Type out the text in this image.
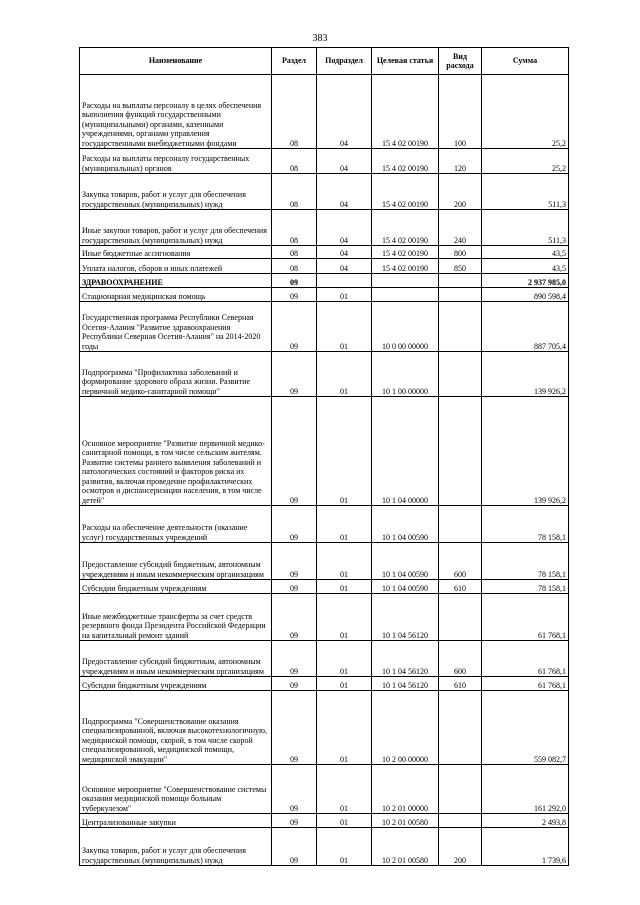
383
Наименование	Раздел	Подраздел	Целевая статья	Вид расхода	Сумма
Расходы на выплаты персоналу в целях обеспечения выполнения функций государственными (муниципальными) органами, казенными учреждениями, органами управления государственными внебюджетными фондами	08	04	15 4 02 00190	100	25,2
Расходы на выплаты персоналу государственных (муниципальных) органов	08	04	15 4 02 00190	120	25,2
Закупка товаров, работ и услуг для обеспечения государственных (муниципальных) нужд	08	04	15 4 02 00190	200	511,3
Иные закупки товаров, работ и услуг для обеспечения государственных (муниципальных) нужд	08	04	15 4 02 00190	240	511,3
Иные бюджетные ассигнования	08	04	15 4 02 00190	800	43,5
Уплата налогов, сборов и иных платежей	08	04	15 4 02 00190	850	43,5
ЗДРАВООХРАНЕНИЕ	09				2 937 985,0
Стационарная медицинская помощь	09	01			890 598,4
Государственная программа Республики Северная Осетия-Алания "Развитие здравоохранения Республики Северная Осетия-Алания" на 2014-2020 годы	09	01	10 0 00 00000		887 705,4
Подпрограмма "Профилактика заболеваний и формирование здорового образа жизни. Развитие первичной медико-санитарной помощи"	09	01	10 1 00 00000		139 926,2
Основное мероприятие "Развитие первичной медико-санитарной помощи, в том числе сельским жителям. Развитие системы раннего выявления заболеваний и патологических состояний и факторов риска их развития, включая проведение профилактических осмотров и диспансеризации населения, в том числе детей"	09	01	10 1 04 00000		139 926,2
Расходы на обеспечение деятельности (оказание услуг) государственных учреждений	09	01	10 1 04 00590		78 158,1
Предоставление субсидий бюджетным, автономным учреждениям и иным некоммерческим организациям	09	01	10 1 04 00590	600	78 158,1
Субсидии бюджетным учреждениям	09	01	10 1 04 00590	610	78 158,1
Иные межбюджетные трансферты за счет средств резервного фонда Президента Российской Федерации на капитальный ремонт зданий	09	01	10 1 04 56120		61 768,1
Предоставление субсидий бюджетным, автономным учреждениям и иным некоммерческим организациям	09	01	10 1 04 56120	600	61 768,1
Субсидии бюджетным учреждениям	09	01	10 1 04 56120	610	61 768,1
Подпрограмма "Совершенствование оказания специализированной, включая высокотехнологичную, медицинской помощи, скорой, в том числе скорой специализированной, медицинской помощи, медицинской эвакуации"	09	01	10 2 00 00000		559 082,7
Основное мероприятие "Совершенствование системы оказания медицинской помощи больным туберкулезом"	09	01	10 2 01 00000		161 292,0
Централизованные закупки	09	01	10 2 01 00580		2 493,8
Закупка товаров, работ и услуг для обеспечения государственных (муниципальных) нужд	09	01	10 2 01 00580	200	1 739,6
